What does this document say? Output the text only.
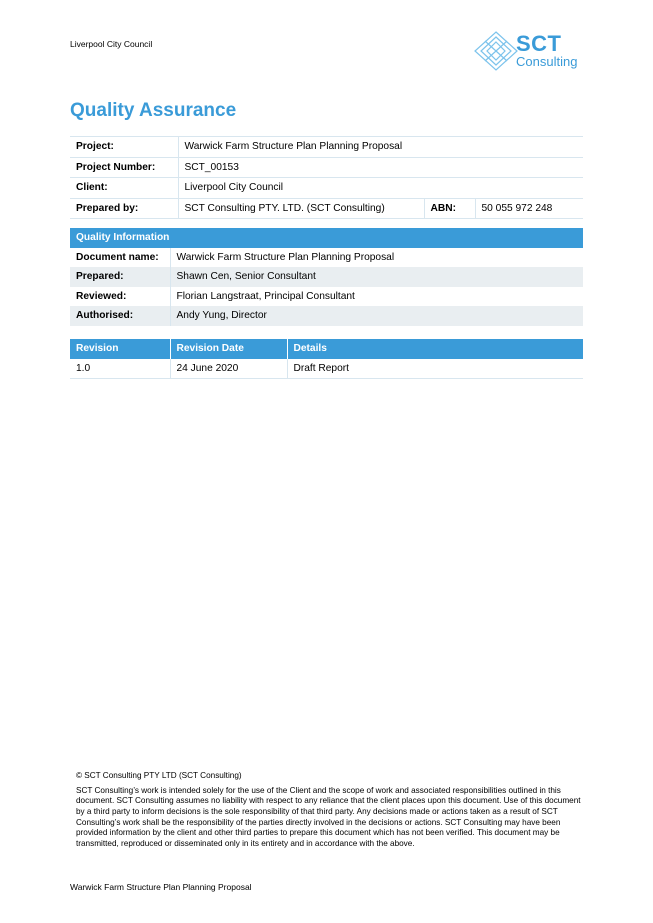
Liverpool City Council	SCT
Consulting
Quality Assurance
Project:	Warwick Farm Structure Plan Planning Proposal		
Project Number:	SCT_00153		
Client:	Liverpool City Council		
Prepared by:	SCT Consulting PTY. LTD. (SCT Consulting)	ABN:	50 055 972 248
Quality Information	
Document name:	Warwick Farm Structure Plan Planning Proposal
Prepared:	Shawn Cen, Senior Consultant
Reviewed:	Florian Langstraat, Principal Consultant
Authorised:	Andy Yung, Director
Revision	Revision Date	Details
1.0	24 June 2020	Draft Report

© SCT Consulting PTY LTD (SCT Consulting)

SCT Consulting’s work is intended solely for the use of the Client and the scope of work and associated responsibilities outlined in this document. SCT Consulting assumes no liability with respect to any reliance that the client places upon this document. Use of this document by a third party to inform decisions is the sole responsibility of that third party. Any decisions made or actions taken as a result of SCT Consulting’s work shall be the responsibility of the parties directly involved in the decisions or actions. SCT Consulting may have been provided information by the client and other third parties to prepare this document which has not been verified. This document may be transmitted, reproduced or disseminated only in its entirety and in accordance with the above.

Warwick Farm Structure Plan Planning Proposal
